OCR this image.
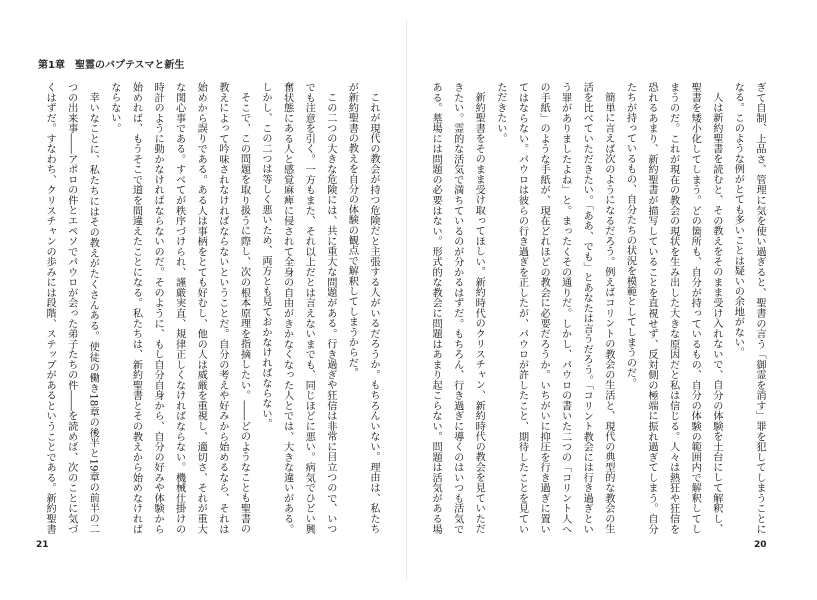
第1章　聖霊のバプテスマと新生

これが現代の教会が持つ危険だと主張する人がいるだろうか。もちろんいない。理由は、私たちが新約聖書の教えを自分の体験の観点で解釈してしまうからだ。

この二つの大きな危険には、共に重大な問題がある。行き過ぎや狂信は非常に目立つので、いつでも注意を引く。一方もまた、それ以上だとは言えないまでも、同じほどに悪い。病気でひどい興奮状態にある人と感覚麻痺に侵されて全身の自由がきかなくなった人とでは、大きな違いがある。しかし、この二つは等しく悪いため、両方とも見ておかなければならない。

そこで、この問題を取り扱うに際し、次の根本原理を指摘したい。――どのようなことも聖書の教えによって吟味されなければならないということだ。自分の考えや好みから始めるなら、それは始めから誤りである。ある人は事柄をとても好むし、他の人は威厳を重視し、適切さ、それが重大な関心事である。すべてが秩序づけられ、謹厳実直、規律正しくなければならない。機械仕掛けの時計のように動かなければならないのだ。そのように、もし自分自身から、自分の好みや体験から始めれば、もうそこで道を間違えたことになる。私たちは、新約聖書とその教えから始めなければならない。

幸いなことに、私たちにはその教えがたくさんある。使徒の働き18章の後半と19章の前半の二つの出来事――アポロの件とエペソでパウロが会った弟子たちの件――を読めば、次のことに気づくはずだ。すなわち、クリスチャンの歩みには段階、ステップがあるということである。新約聖書

21

ぎて自制、上品さ、管理に気を使い過ぎると、聖書の言う「御霊を消す」罪を犯してしまうことになる。このような例がとても多いことは疑いの余地がない。

人は新約聖書を読むと、その教えをそのまま受け入れないで、自分の体験を土台にして解釈し、聖書を矮小化してしまう。どの箇所も、自分が持っているもの、自分の体験の範囲内で解釈してしまうのだ。これが現在の教会の現状を生み出した大きな原因だと私は信じる。人々は熱狂や狂信を恐れるあまり、新約聖書が描写していることを直視せず、反対側の極端に振れ過ぎてしまう。自分たちが持っているもの、自分たちの状況を模範としてしまうのだ。

簡単に言えば次のようになるだろう。例えばコリントの教会の生活と、現代の典型的な教会の生活を比べていただきたい。「ああ、でも」とあなたは言うだろう。「コリント教会には行き過ぎという罪がありましたよね」と。まったくその通りだ。しかし、パウロの書いた二つの「コリント人への手紙」のような手紙が、現在どれほどの教会に必要だろうか。いちがいに抑圧を行き過ぎに置いてはならない。パウロは彼らの行き過ぎを正したが、パウロが許したこと、期待したことを見ていただきたい。

新約聖書をそのまま受け取ってほしい。新約時代のクリスチャン、新約時代の教会を見ていただきたい。霊的な活気で満ちているのが分かるはずだ。もちろん、行き過ぎに導くのはいつも活気である。墓場には問題の必要はない。形式的な教会に問題はあまり起こらない。問題は活気がある場

20
